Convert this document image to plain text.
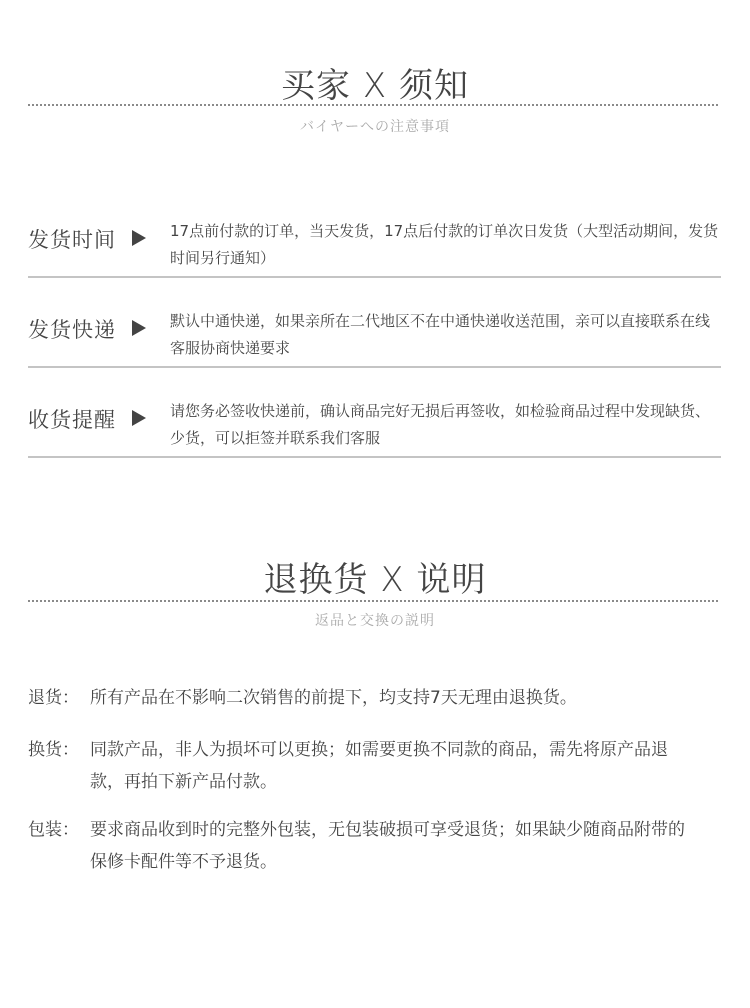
买家 X 须知
バイヤーへの注意事項
发货时间	17点前付款的订单，当天发货，17点后付款的订单次日发货（大型活动期间，发货时间另行通知）
发货快递	默认中通快递，如果亲所在二代地区不在中通快递收送范围，亲可以直接联系在线客服协商快递要求
收货提醒	请您务必签收快递前，确认商品完好无损后再签收，如检验商品过程中发现缺货、少货，可以拒签并联系我们客服
退换货 X 说明
返品と交換の説明
退货： 所有产品在不影响二次销售的前提下，均支持7天无理由退换货。
换货： 同款产品，非人为损坏可以更换；如需要更换不同款的商品，需先将原产品退款，再拍下新产品付款。
包装： 要求商品收到时的完整外包装，无包装破损可享受退货；如果缺少随商品附带的保修卡配件等不予退货。
